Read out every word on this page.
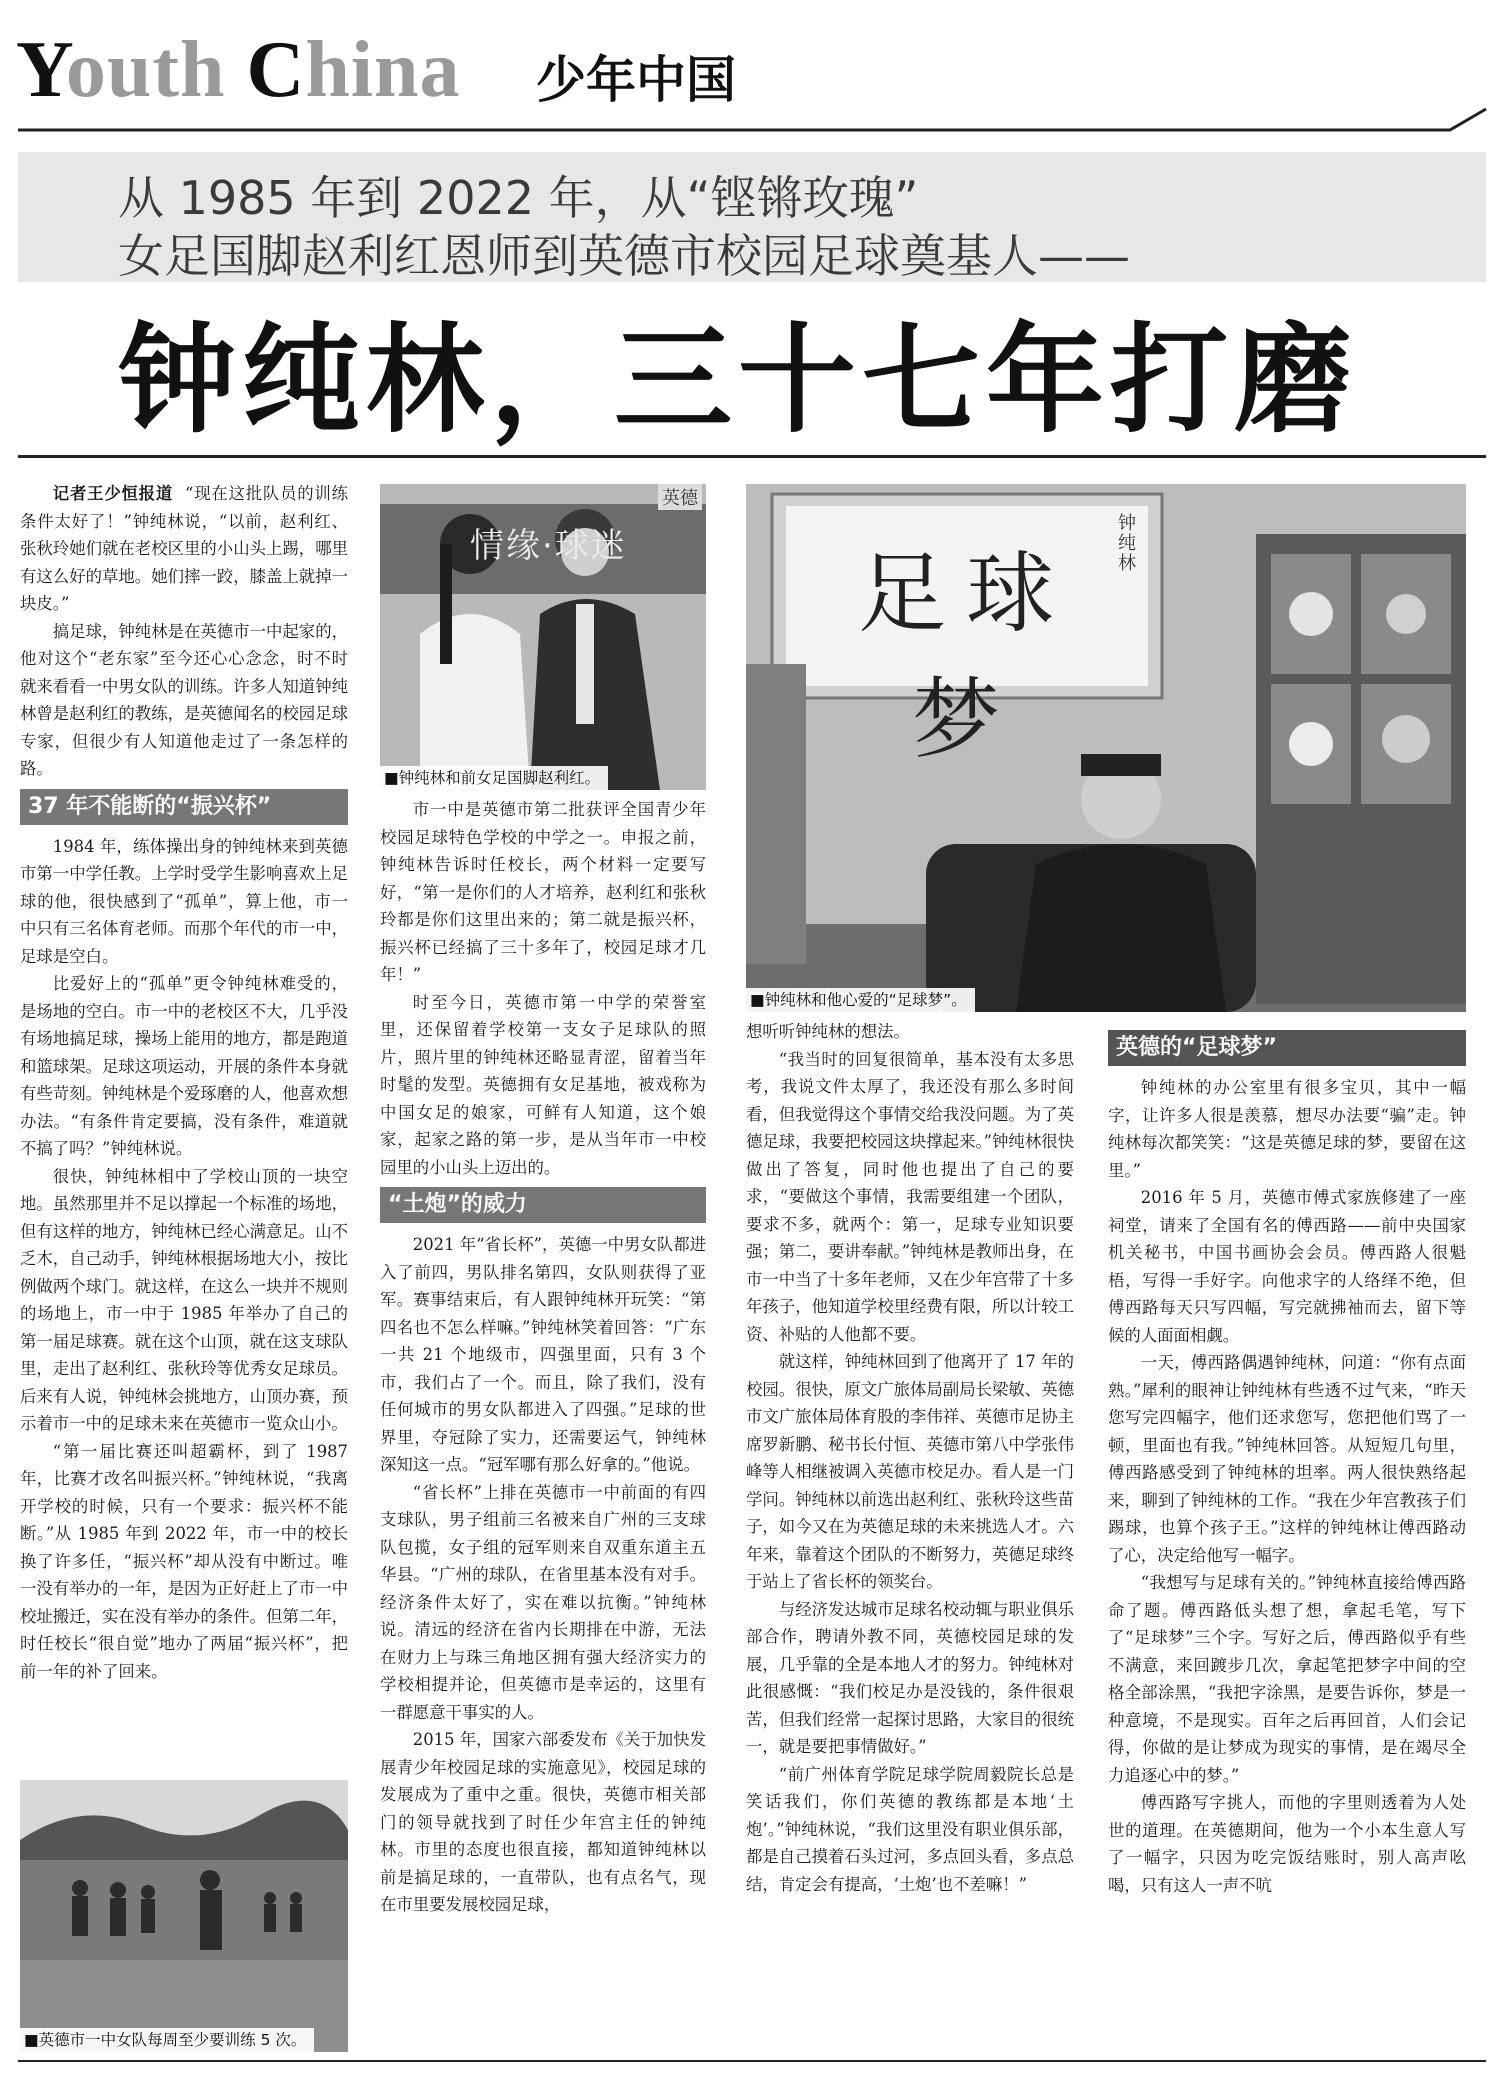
Youth China 少年中国
从 1985 年到 2022 年，从“铿锵玫瑰”
女足国脚赵利红恩师到英德市校园足球奠基人——
钟纯林，三十七年打磨

记者王少恒报道 “现在这批队员的训练条件太好了！”钟纯林说，“以前，赵利红、张秋玲她们就在老校区里的小山头上踢，哪里有这么好的草地。她们摔一跤，膝盖上就掉一块皮。”

搞足球，钟纯林是在英德市一中起家的，他对这个“老东家”至今还心心念念，时不时就来看看一中男女队的训练。许多人知道钟纯林曾是赵利红的教练，是英德闻名的校园足球专家，但很少有人知道他走过了一条怎样的路。

37 年不能断的“振兴杯”

1984 年，练体操出身的钟纯林来到英德市第一中学任教。上学时受学生影响喜欢上足球的他，很快感到了“孤单”，算上他，市一中只有三名体育老师。而那个年代的市一中，足球是空白。

比爱好上的“孤单”更令钟纯林难受的，是场地的空白。市一中的老校区不大，几乎没有场地搞足球，操场上能用的地方，都是跑道和篮球架。足球这项运动，开展的条件本身就有些苛刻。钟纯林是个爱琢磨的人，他喜欢想办法。“有条件肯定要搞，没有条件，难道就不搞了吗？”钟纯林说。

很快，钟纯林相中了学校山顶的一块空地。虽然那里并不足以撑起一个标准的场地，但有这样的地方，钟纯林已经心满意足。山不乏木，自己动手，钟纯林根据场地大小，按比例做两个球门。就这样，在这么一块并不规则的场地上，市一中于 1985 年举办了自己的第一届足球赛。就在这个山顶，就在这支球队里，走出了赵利红、张秋玲等优秀女足球员。后来有人说，钟纯林会挑地方，山顶办赛，预示着市一中的足球未来在英德市一览众山小。

“第一届比赛还叫超霸杯，到了 1987 年，比赛才改名叫振兴杯。”钟纯林说，“我离开学校的时候，只有一个要求：振兴杯不能断。”从 1985 年到 2022 年，市一中的校长换了许多任，“振兴杯”却从没有中断过。唯一没有举办的一年，是因为正好赶上了市一中校址搬迁，实在没有举办的条件。但第二年，时任校长“很自觉”地办了两届“振兴杯”，把前一年的补了回来。

■英德市一中女队每周至少要训练 5 次。
情缘·球迷
英德
■钟纯林和前女足国脚赵利红。

市一中是英德市第二批获评全国青少年校园足球特色学校的中学之一。申报之前，钟纯林告诉时任校长，两个材料一定要写好，“第一是你们的人才培养，赵利红和张秋玲都是你们这里出来的；第二就是振兴杯，振兴杯已经搞了三十多年了，校园足球才几年！”

时至今日，英德市第一中学的荣誉室里，还保留着学校第一支女子足球队的照片，照片里的钟纯林还略显青涩，留着当年时髦的发型。英德拥有女足基地，被戏称为中国女足的娘家，可鲜有人知道，这个娘家，起家之路的第一步，是从当年市一中校园里的小山头上迈出的。

“土炮”的威力

2021 年“省长杯”，英德一中男女队都进入了前四，男队排名第四，女队则获得了亚军。赛事结束后，有人跟钟纯林开玩笑：“第四名也不怎么样嘛。”钟纯林笑着回答：“广东一共 21 个地级市，四强里面，只有 3 个市，我们占了一个。而且，除了我们，没有任何城市的男女队都进入了四强。”足球的世界里，夺冠除了实力，还需要运气，钟纯林深知这一点。“冠军哪有那么好拿的。”他说。

“省长杯”上排在英德市一中前面的有四支球队，男子组前三名被来自广州的三支球队包揽，女子组的冠军则来自双重东道主五华县。“广州的球队，在省里基本没有对手。经济条件太好了，实在难以抗衡。”钟纯林说。清远的经济在省内长期排在中游，无法在财力上与珠三角地区拥有强大经济实力的学校相提并论，但英德市是幸运的，这里有一群愿意干事实的人。

2015 年，国家六部委发布《关于加快发展青少年校园足球的实施意见》，校园足球的发展成为了重中之重。很快，英德市相关部门的领导就找到了时任少年宫主任的钟纯林。市里的态度也很直接，都知道钟纯林以前是搞足球的，一直带队，也有点名气，现在市里要发展校园足球，

足球梦
钟纯林
■钟纯林和他心爱的“足球梦”。

想听听钟纯林的想法。

“我当时的回复很简单，基本没有太多思考，我说文件太厚了，我还没有那么多时间看，但我觉得这个事情交给我没问题。为了英德足球，我要把校园这块撑起来。”钟纯林很快做出了答复，同时他也提出了自己的要求，“要做这个事情，我需要组建一个团队，要求不多，就两个：第一，足球专业知识要强；第二，要讲奉献。”钟纯林是教师出身，在市一中当了十多年老师，又在少年宫带了十多年孩子，他知道学校里经费有限，所以计较工资、补贴的人他都不要。

就这样，钟纯林回到了他离开了 17 年的校园。很快，原文广旅体局副局长梁敏、英德市文广旅体局体育股的李伟祥、英德市足协主席罗新鹏、秘书长付恒、英德市第八中学张伟峰等人相继被调入英德市校足办。看人是一门学问。钟纯林以前选出赵利红、张秋玲这些苗子，如今又在为英德足球的未来挑选人才。六年来，靠着这个团队的不断努力，英德足球终于站上了省长杯的领奖台。

与经济发达城市足球名校动辄与职业俱乐部合作，聘请外教不同，英德校园足球的发展，几乎靠的全是本地人才的努力。钟纯林对此很感慨：“我们校足办是没钱的，条件很艰苦，但我们经常一起探讨思路，大家目的很统一，就是要把事情做好。”

“前广州体育学院足球学院周毅院长总是笑话我们，你们英德的教练都是本地‘土炮’。”钟纯林说，“我们这里没有职业俱乐部，都是自己摸着石头过河，多点回头看，多点总结，肯定会有提高，‘土炮’也不差嘛！”

英德的“足球梦”

钟纯林的办公室里有很多宝贝，其中一幅字，让许多人很是羡慕，想尽办法要“骗”走。钟纯林每次都笑笑：“这是英德足球的梦，要留在这里。”

2016 年 5 月，英德市傅式家族修建了一座祠堂，请来了全国有名的傅西路——前中央国家机关秘书，中国书画协会会员。傅西路人很魁梧，写得一手好字。向他求字的人络绎不绝，但傅西路每天只写四幅，写完就拂袖而去，留下等候的人面面相觑。

一天，傅西路偶遇钟纯林，问道：“你有点面熟。”犀利的眼神让钟纯林有些透不过气来，“昨天您写完四幅字，他们还求您写，您把他们骂了一顿，里面也有我。”钟纯林回答。从短短几句里，傅西路感受到了钟纯林的坦率。两人很快熟络起来，聊到了钟纯林的工作。“我在少年宫教孩子们踢球，也算个孩子王。”这样的钟纯林让傅西路动了心，决定给他写一幅字。

“我想写与足球有关的。”钟纯林直接给傅西路命了题。傅西路低头想了想，拿起毛笔，写下了“足球梦”三个字。写好之后，傅西路似乎有些不满意，来回踱步几次，拿起笔把梦字中间的空格全部涂黑，“我把字涂黑，是要告诉你，梦是一种意境，不是现实。百年之后再回首，人们会记得，你做的是让梦成为现实的事情，是在竭尽全力追逐心中的梦。”

傅西路写字挑人，而他的字里则透着为人处世的道理。在英德期间，他为一个小本生意人写了一幅字，只因为吃完饭结账时，别人高声吆喝，只有这人一声不吭
